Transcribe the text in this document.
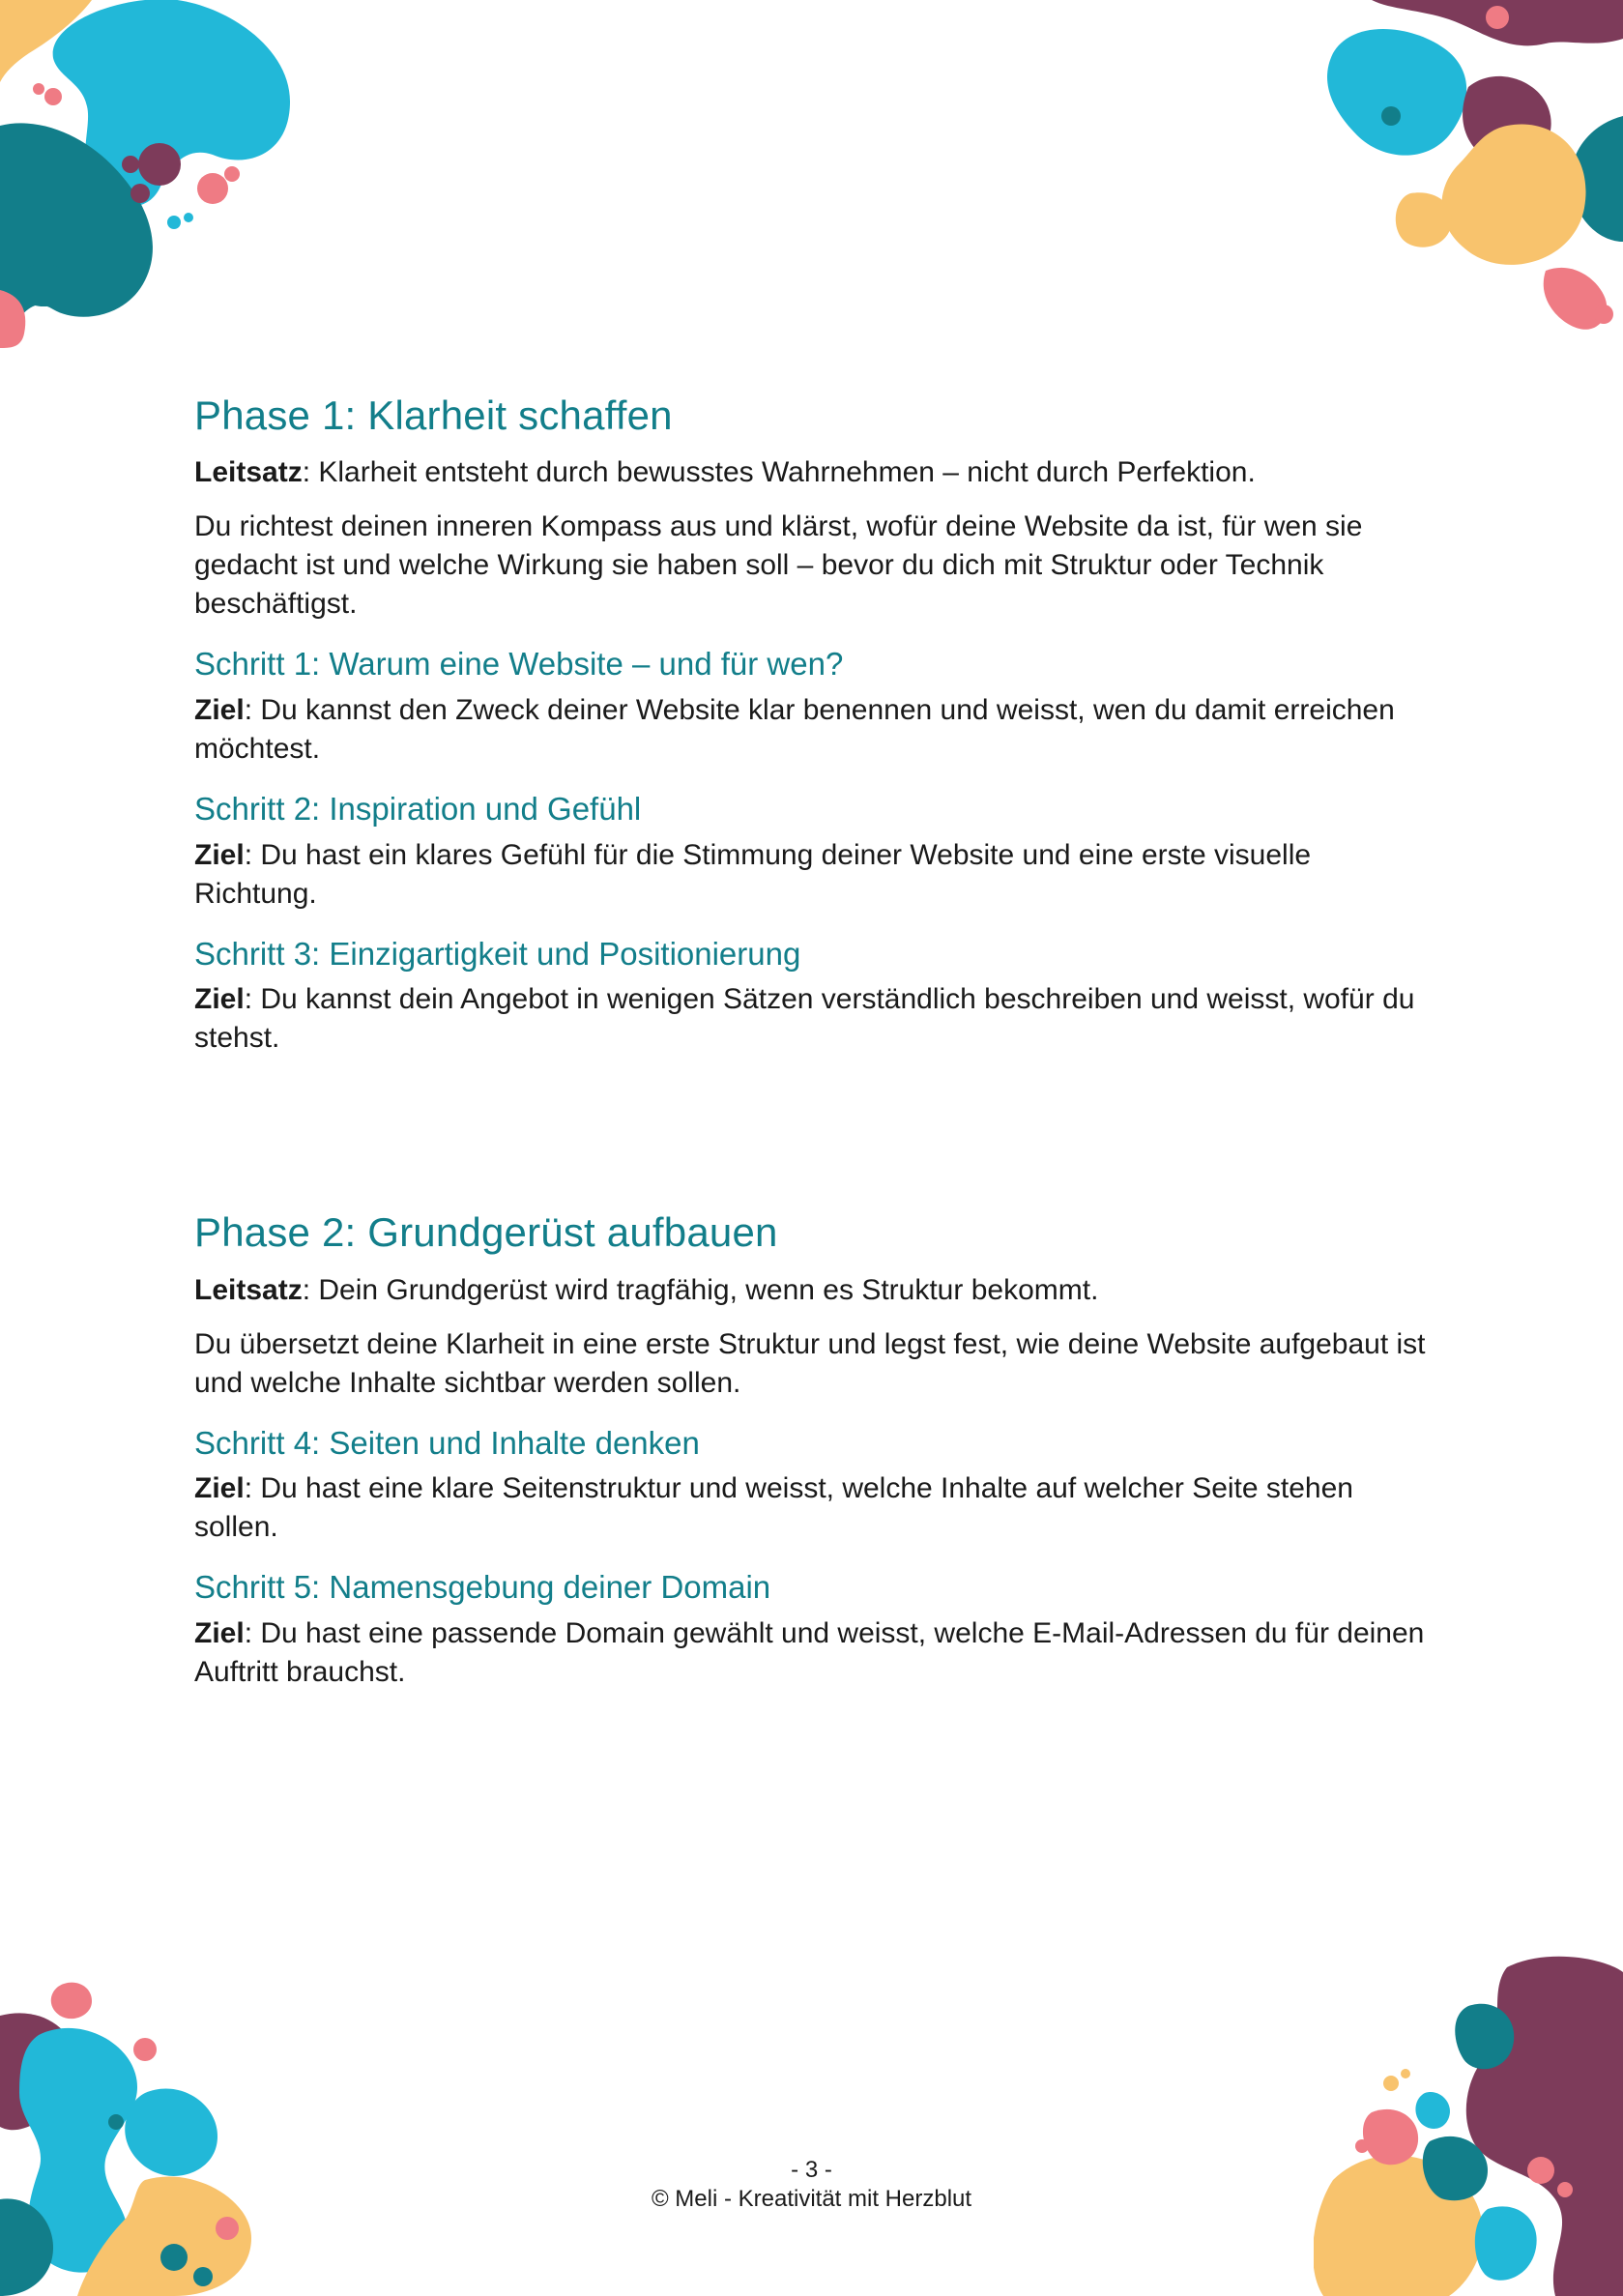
Phase 1: Klarheit schaffen

Leitsatz: Klarheit entsteht durch bewusstes Wahrnehmen – nicht durch Perfektion.

Du richtest deinen inneren Kompass aus und klärst, wofür deine Website da ist, für wen sie gedacht ist und welche Wirkung sie haben soll – bevor du dich mit Struktur oder Technik beschäftigst.

Schritt 1: Warum eine Website – und für wen?

Ziel: Du kannst den Zweck deiner Website klar benennen und weisst, wen du damit erreichen möchtest.

Schritt 2: Inspiration und Gefühl

Ziel: Du hast ein klares Gefühl für die Stimmung deiner Website und eine erste visuelle Richtung.

Schritt 3: Einzigartigkeit und Positionierung

Ziel: Du kannst dein Angebot in wenigen Sätzen verständlich beschreiben und weisst, wofür du stehst.

Phase 2: Grundgerüst aufbauen

Leitsatz: Dein Grundgerüst wird tragfähig, wenn es Struktur bekommt.

Du übersetzt deine Klarheit in eine erste Struktur und legst fest, wie deine Website aufgebaut ist und welche Inhalte sichtbar werden sollen.

Schritt 4: Seiten und Inhalte denken

Ziel: Du hast eine klare Seitenstruktur und weisst, welche Inhalte auf welcher Seite stehen sollen.

Schritt 5: Namensgebung deiner Domain

Ziel: Du hast eine passende Domain gewählt und weisst, welche E-Mail-Adressen du für deinen Auftritt brauchst.

- 3 -
© Meli - Kreativität mit Herzblut
